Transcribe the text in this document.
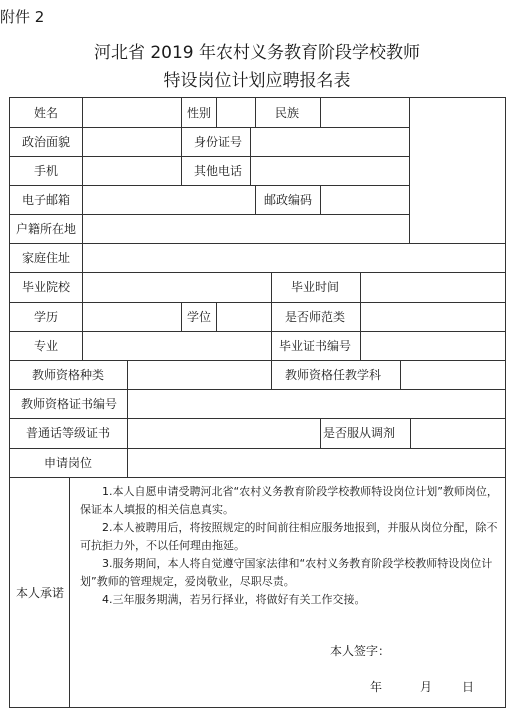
附件 2
河北省 2019 年农村义务教育阶段学校教师
特设岗位计划应聘报名表
姓名	性别	民族
政治面貌	身份证号
手机	其他电话
电子邮箱	邮政编码
户籍所在地
家庭住址
毕业院校	毕业时间
学历	学位	是否师范类
专业	毕业证书编号
教师资格种类	教师资格任教学科
教师资格证书编号
普通话等级证书	是否服从调剂
申请岗位
本人承诺

1.本人自愿申请受聘河北省“农村义务教育阶段学校教师特设岗位计划”教师岗位，保证本人填报的相关信息真实。

2.本人被聘用后，将按照规定的时间前往相应服务地报到，并服从岗位分配，除不可抗拒力外，不以任何理由拖延。

3.服务期间，本人将自觉遵守国家法律和“农村义务教育阶段学校教师特设岗位计划”教师的管理规定，爱岗敬业，尽职尽责。

4.三年服务期满，若另行择业，将做好有关工作交接。

本人签字：
年	月 日
